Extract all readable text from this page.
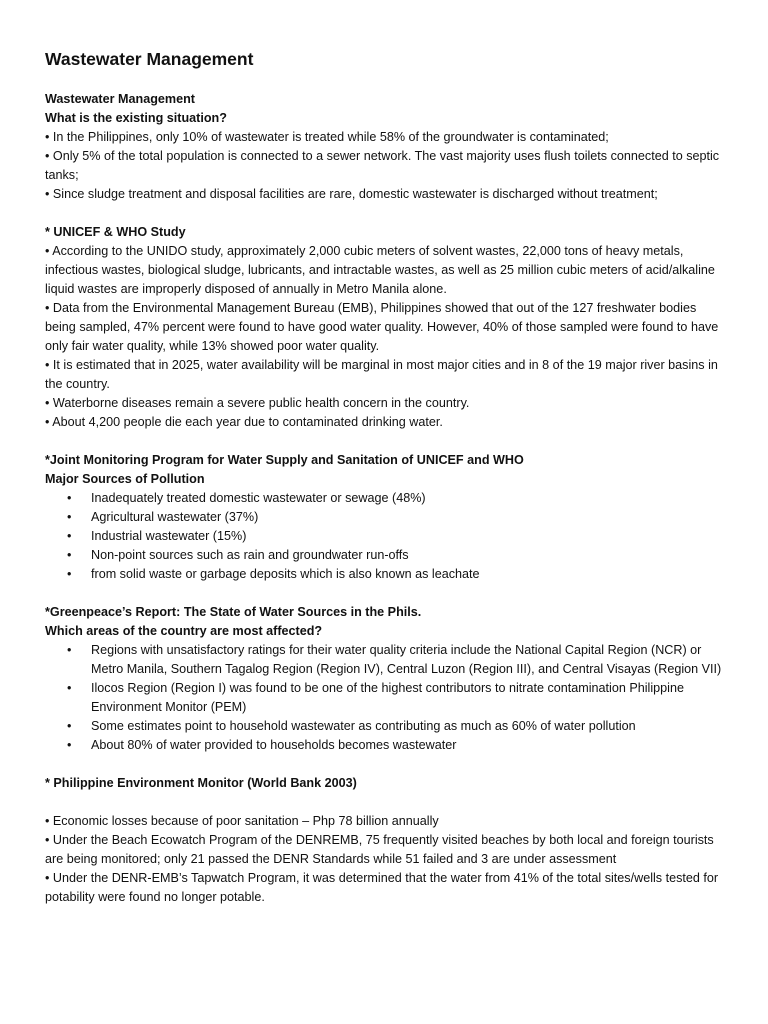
Wastewater Management

Wastewater Management

What is the existing situation?

• In the Philippines, only 10% of wastewater is treated while 58% of the groundwater is contaminated;

• Only 5% of the total population is connected to a sewer network. The vast majority uses flush toilets connected to septic tanks;

• Since sludge treatment and disposal facilities are rare, domestic wastewater is discharged without treatment;

* UNICEF & WHO Study

• According to the UNIDO study, approximately 2,000 cubic meters of solvent wastes, 22,000 tons of heavy metals, infectious wastes, biological sludge, lubricants, and intractable wastes, as well as 25 million cubic meters of acid/alkaline liquid wastes are improperly disposed of annually in Metro Manila alone.

• Data from the Environmental Management Bureau (EMB), Philippines showed that out of the 127 freshwater bodies being sampled, 47% percent were found to have good water quality. However, 40% of those sampled were found to have only fair water quality, while 13% showed poor water quality.

• It is estimated that in 2025, water availability will be marginal in most major cities and in 8 of the 19 major river basins in the country.

• Waterborne diseases remain a severe public health concern in the country.

• About 4,200 people die each year due to contaminated drinking water.

*Joint Monitoring Program for Water Supply and Sanitation of UNICEF and WHO

Major Sources of Pollution

• Inadequately treated domestic wastewater or sewage (48%)
• Agricultural wastewater (37%)
• Industrial wastewater (15%)
• Non-point sources such as rain and groundwater run-offs
• from solid waste or garbage deposits which is also known as leachate

*Greenpeace’s Report: The State of Water Sources in the Phils.

Which areas of the country are most affected?

• Regions with unsatisfactory ratings for their water quality criteria include the National Capital Region (NCR) or Metro Manila, Southern Tagalog Region (Region IV), Central Luzon (Region III), and Central Visayas (Region VII)
• Ilocos Region (Region I) was found to be one of the highest contributors to nitrate contamination Philippine Environment Monitor (PEM)
• Some estimates point to household wastewater as contributing as much as 60% of water pollution
• About 80% of water provided to households becomes wastewater

* Philippine Environment Monitor (World Bank 2003)

• Economic losses because of poor sanitation – Php 78 billion annually

• Under the Beach Ecowatch Program of the DENREMB, 75 frequently visited beaches by both local and foreign tourists are being monitored; only 21 passed the DENR Standards while 51 failed and 3 are under assessment

• Under the DENR-EMB’s Tapwatch Program, it was determined that the water from 41% of the total sites/wells tested for potability were found no longer potable.
